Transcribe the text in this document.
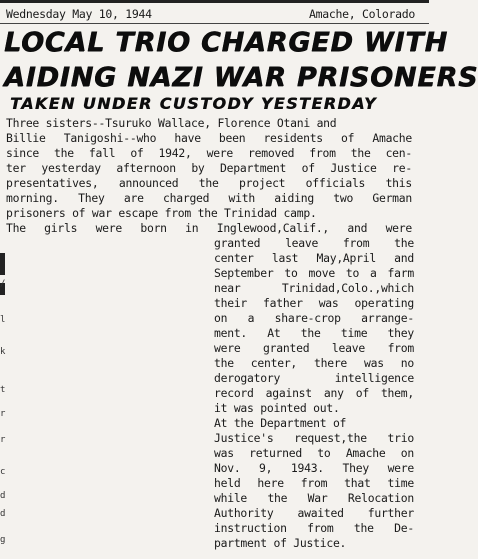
Wednesday May 10, 1944	Amache, Colorado
LOCAL TRIO CHARGED WITH
AIDING NAZI WAR PRISONERS
TAKEN UNDER CUSTODY YESTERDAY
Three sisters--Tsuruko Wallace, Florence Otani and
Billie Tanigoshi--who have been residents of Amache
since the fall of 1942, were removed from the cen-
ter yesterday afternoon by Department of Justice re-
presentatives, announced the project officials this
morning. They are charged with aiding two German
prisoners of war escape from the Trinidad camp.
The girls were born in Inglewood,Calif., and were
granted leave from the
center last May,April and
September to move to a farm
near Trinidad,Colo.,which
their father was operating
on a share-crop arrange-
ment. At the time they
were granted leave from
the center, there was no
derogatory intelligence
record against any of them,
it was pointed out.
At the Department of
Justice's request,the trio
was returned to Amache on
Nov. 9, 1943. They were
held here from that time
while the War Relocation
Authority awaited further
instruction from the De-
partment of Justice.
/
l
k
t
r
r
c
d
d
g
